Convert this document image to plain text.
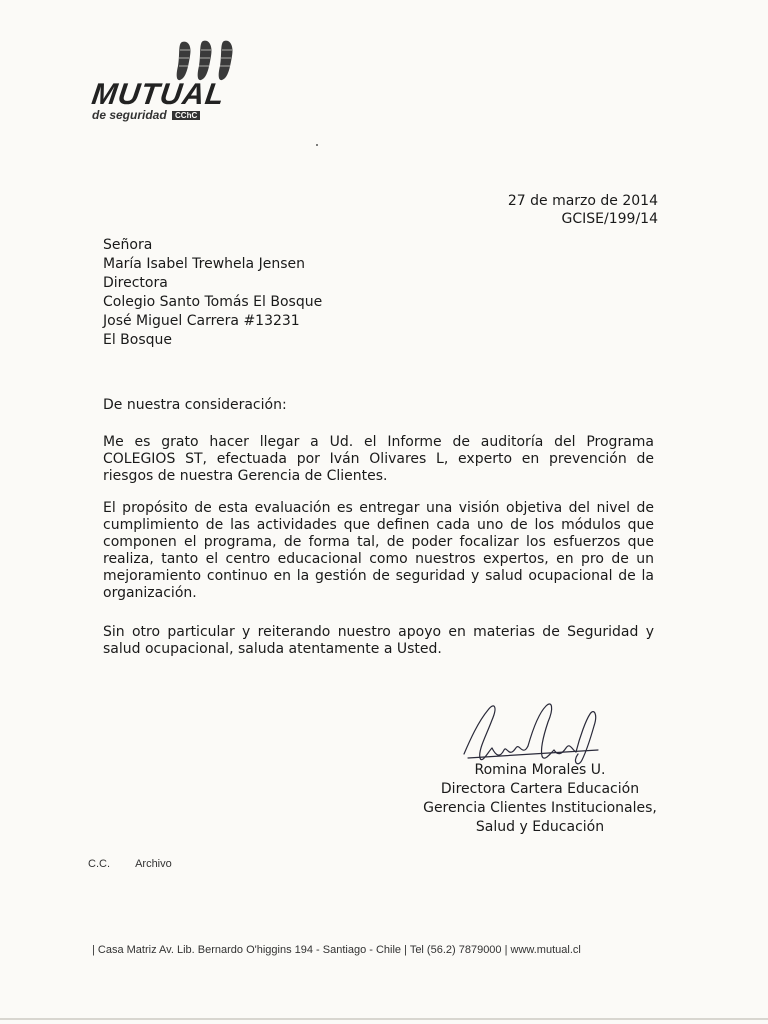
MUTUAL
de seguridad CChC
27 de marzo de 2014
GCISE/199/14
Señora
María Isabel Trewhela Jensen
Directora
Colegio Santo Tomás El Bosque
José Miguel Carrera #13231
El Bosque
De nuestra consideración:
Me es grato hacer llegar a Ud. el Informe de auditoría del Programa COLEGIOS ST, efectuada por Iván Olivares L, experto en prevención de riesgos de nuestra Gerencia de Clientes.
El propósito de esta evaluación es entregar una visión objetiva del nivel de cumplimiento de las actividades que definen cada uno de los módulos que componen el programa, de forma tal, de poder focalizar los esfuerzos que realiza, tanto el centro educacional como nuestros expertos, en pro de un mejoramiento continuo en la gestión de seguridad y salud ocupacional de la organización.
Sin otro particular y reiterando nuestro apoyo en materias de Seguridad y salud ocupacional, saluda atentamente a Usted.
Romina Morales U.
Directora Cartera Educación
Gerencia Clientes Institucionales,
Salud y Educación
C.C. Archivo
| Casa Matriz Av. Lib. Bernardo O'higgins 194 - Santiago - Chile | Tel (56.2) 7879000 | www.mutual.cl
